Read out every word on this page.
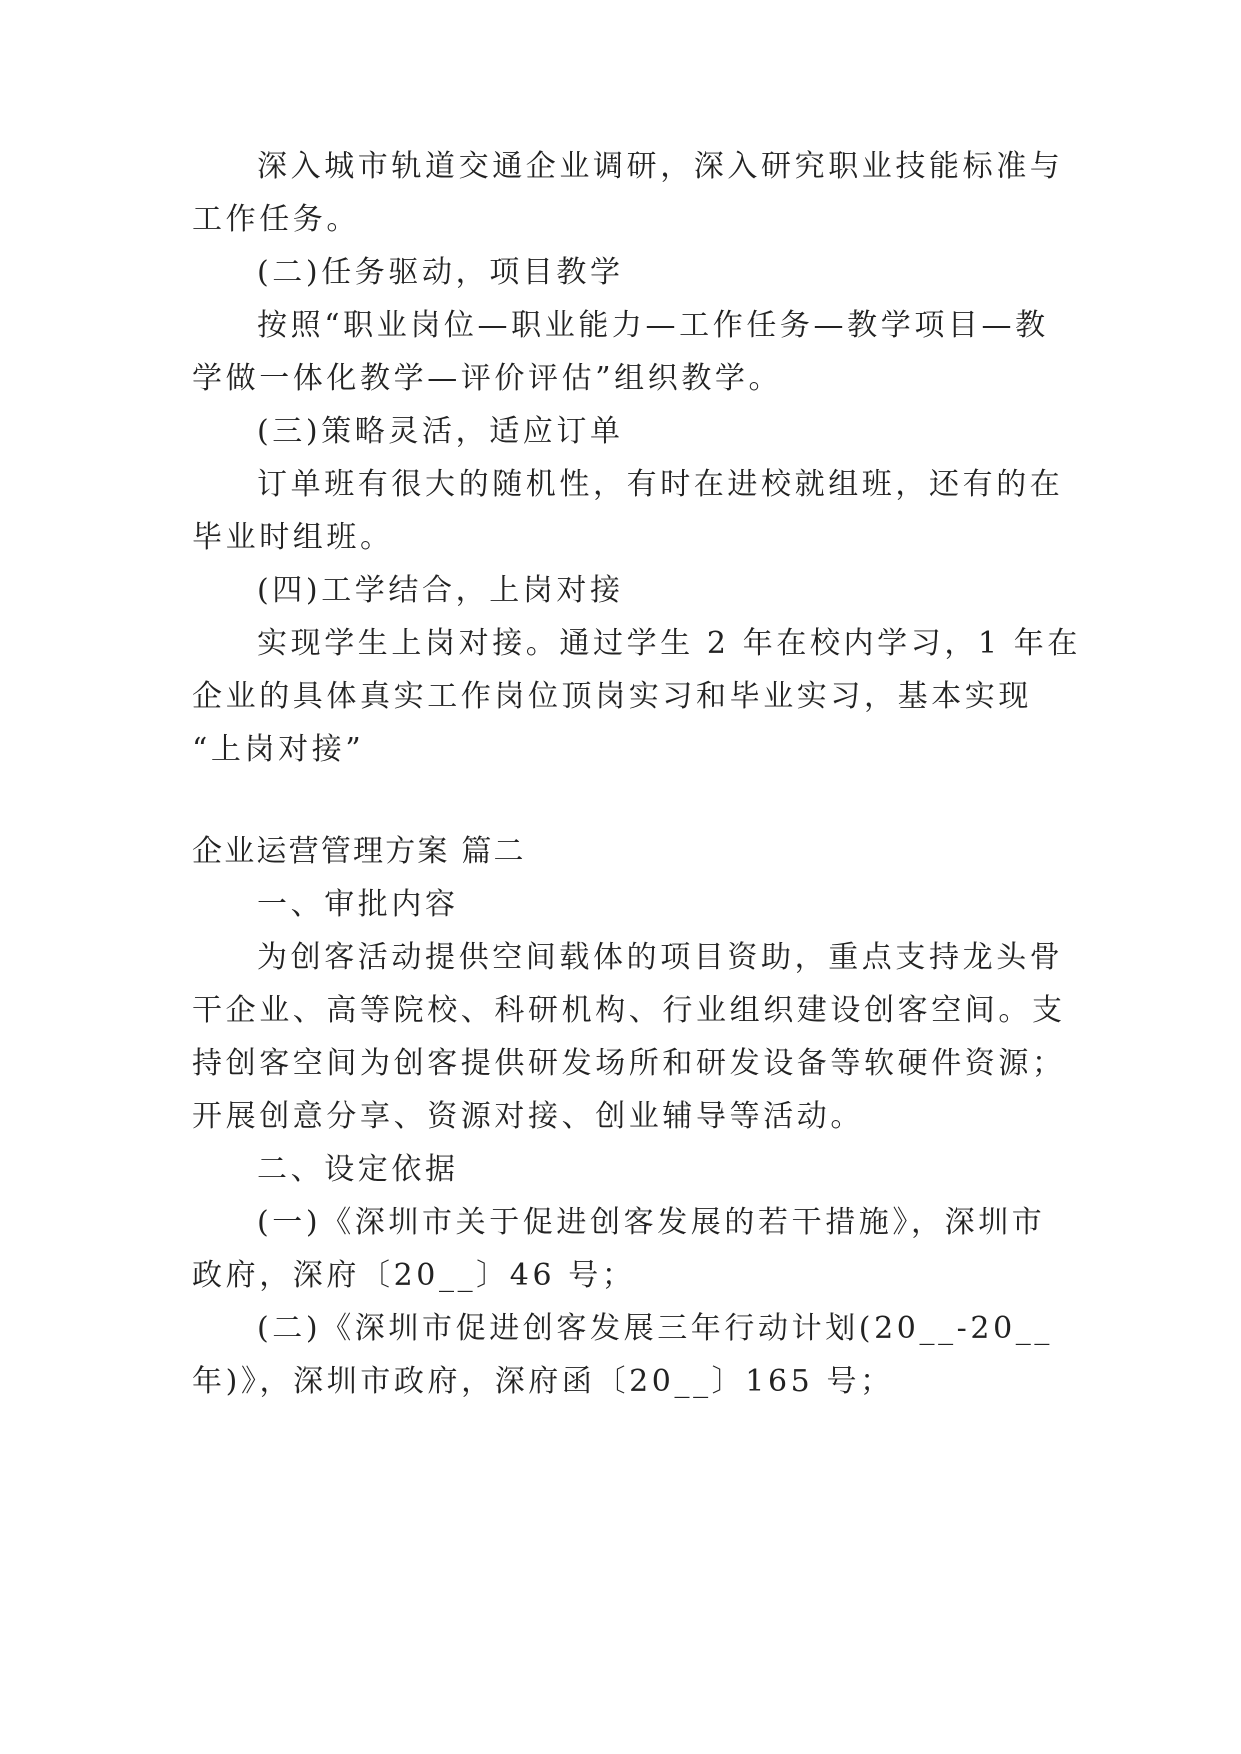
深入城市轨道交通企业调研，深入研究职业技能标准与
工作任务。
(二)任务驱动，项目教学
按照“职业岗位—职业能力—工作任务—教学项目—教
学做一体化教学—评价评估”组织教学。
(三)策略灵活，适应订单
订单班有很大的随机性，有时在进校就组班，还有的在
毕业时组班。
(四)工学结合，上岗对接
实现学生上岗对接。通过学生 2 年在校内学习，1 年在
企业的具体真实工作岗位顶岗实习和毕业实习，基本实现
“上岗对接”
企业运营管理方案 篇二
一、审批内容
为创客活动提供空间载体的项目资助，重点支持龙头骨
干企业、高等院校、科研机构、行业组织建设创客空间。支
持创客空间为创客提供研发场所和研发设备等软硬件资源；
开展创意分享、资源对接、创业辅导等活动。
二、设定依据
(一)《深圳市关于促进创客发展的若干措施》，深圳市
政府，深府〔20__〕46 号；
(二)《深圳市促进创客发展三年行动计划(20__-20__
年)》，深圳市政府，深府函〔20__〕165 号；
